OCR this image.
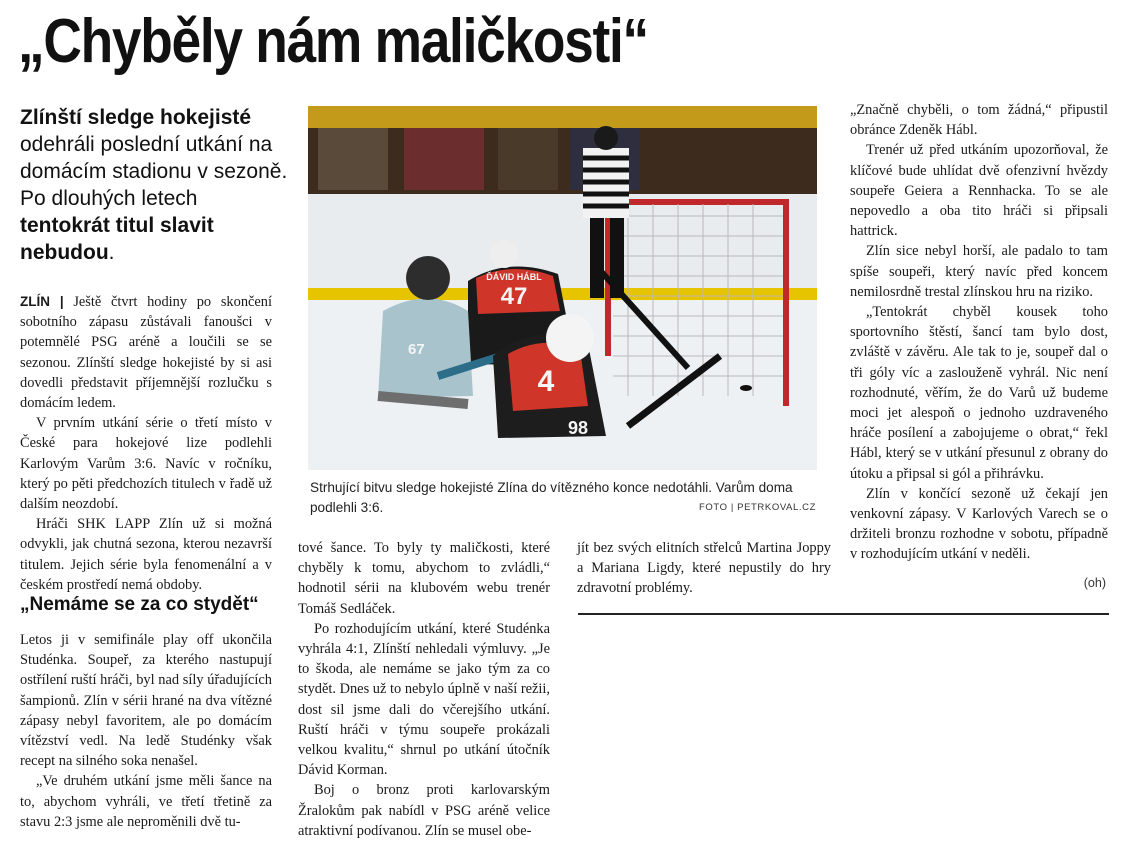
„Chyběly nám maličkosti“
Zlínští sledge hokejisté odehráli poslední utkání na domácím stadionu v sezoně. Po dlouhých letech tentokrát titul slavit nebudou.

ZLÍN | Ještě čtvrt hodiny po skončení sobotního zápasu zůstávali fanoušci v potemnělé PSG aréně a loučili se se sezonou. Zlínští sledge hokejisté by si asi dovedli představit příjemnější rozlučku s domácím ledem.

V prvním utkání série o třetí místo v České para hokejové lize podlehli Karlovým Varům 3:6. Navíc v ročníku, který po pěti předchozích titulech v řadě už dalším neozdobí.

Hráči SHK LAPP Zlín už si možná odvykli, jak chutná sezona, kterou nezavrší titulem. Jejich série byla fenomenální a v českém prostředí nemá obdoby.

„Nemáme se za co stydět“

Letos ji v semifinále play off ukončila Studénka. Soupeř, za kterého nastupují ostřílení ruští hráči, byl nad síly úřadujících šampionů. Zlín v sérii hrané na dva vítězné zápasy nebyl favoritem, ale po domácím vítězství vedl. Na ledě Studénky však recept na silného soka nenašel.

„Ve druhém utkání jsme měli šance na to, abychom vyhráli, ve třetí třetině za stavu 2:3 jsme ale neproměnili dvě tu-

47
ĎÁVID HÁBL
67
4
98
Strhující bitvu sledge hokejisté Zlína do vítězného konce nedotáhli. Varům doma podlehli 3:6.	FOTO | PETRKOVAL.CZ

tové šance. To byly ty maličkosti, které chyběly k tomu, abychom to zvládli,“ hodnotil sérii na klubovém webu trenér Tomáš Sedláček.

Po rozhodujícím utkání, které Studénka vyhrála 4:1, Zlínští nehledali výmluvy. „Je to škoda, ale nemáme se jako tým za co stydět. Dnes už to nebylo úplně v naší režii, dost sil jsme dali do včerejšího utkání. Ruští hráči v týmu soupeře prokázali velkou kvalitu,“ shrnul po utkání útočník Dávid Korman.

Boj o bronz proti karlovarským Žralokům pak nabídl v PSG aréně velice atraktivní podívanou. Zlín se musel obe-

jít bez svých elitních střelců Martina Joppy a Mariana Ligdy, které nepustily do hry zdravotní problémy.

„Značně chyběli, o tom žádná,“ připustil obránce Zdeněk Hábl.

Trenér už před utkáním upozorňoval, že klíčové bude uhlídat dvě ofenzivní hvězdy soupeře Geiera a Rennhacka. To se ale nepovedlo a oba tito hráči si připsali hattrick.

Zlín sice nebyl horší, ale padalo to tam spíše soupeři, který navíc před koncem nemilosrdně trestal zlínskou hru na riziko.

„Tentokrát chyběl kousek toho sportovního štěstí, šancí tam bylo dost, zvláště v závěru. Ale tak to je, soupeř dal o tři góly víc a zaslouženě vyhrál. Nic není rozhodnuté, věřím, že do Varů už budeme moci jet alespoň o jednoho uzdraveného hráče posílení a zabojujeme o obrat,“ řekl Hábl, který se v utkání přesunul z obrany do útoku a připsal si gól a přihrávku.

Zlín v končící sezoně už čekají jen venkovní zápasy. V Karlových Varech se o držiteli bronzu rozhodne v sobotu, případně v rozhodujícím utkání v neděli.

(oh)
